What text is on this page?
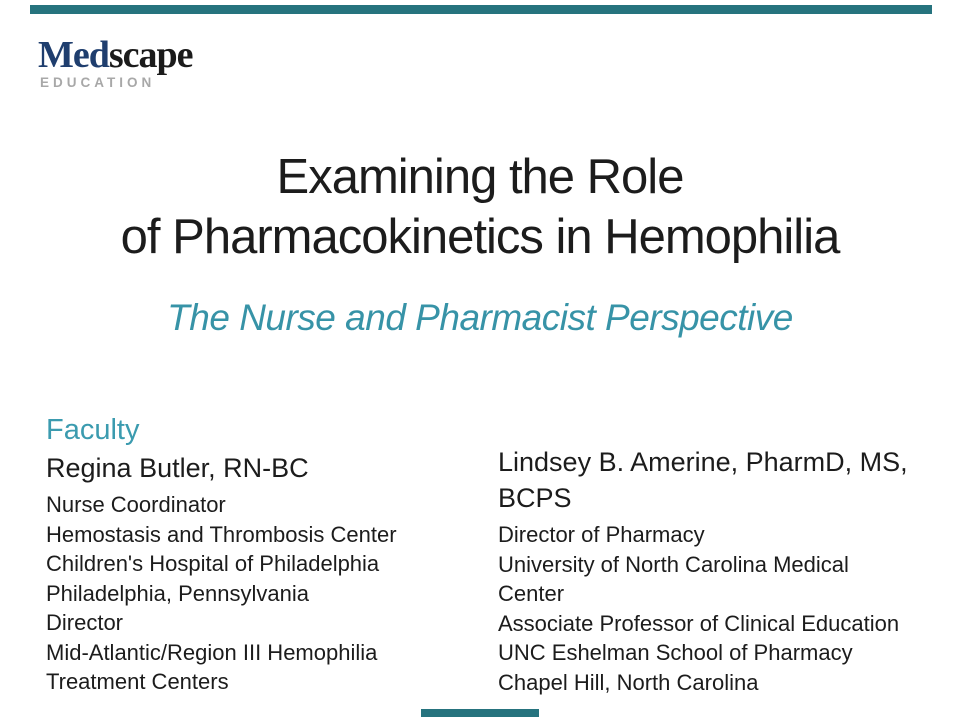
Medscape
EDUCATION
Examining the Role
of Pharmacokinetics in Hemophilia
The Nurse and Pharmacist Perspective
Faculty
Regina Butler, RN-BC
Nurse Coordinator
Hemostasis and Thrombosis Center
Children's Hospital of Philadelphia
Philadelphia, Pennsylvania
Director
Mid-Atlantic/Region III Hemophilia
Treatment Centers
Lindsey B. Amerine, PharmD, MS, BCPS
Director of Pharmacy
University of North Carolina Medical
Center
Associate Professor of Clinical Education
UNC Eshelman School of Pharmacy
Chapel Hill, North Carolina
